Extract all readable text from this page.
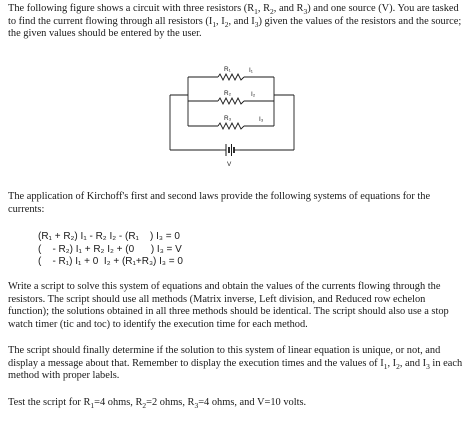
The following figure shows a circuit with three resistors ($R_1$, $R_2$, and $R_3$) and one source (V). You are tasked to find the current flowing through all resistors ($I_1$, $I_2$, and $I_3$) given the values of the resistors and the source; the given values should be entered by the user.

R₁	I₁
R₂	I₂
R₃	I₃
V

The application of Kirchoff's first and second laws provide the following systems of equations for the currents:

(R₁ + R₂) I₁ - R₂ I₂ - (R₁    ) I₃ = 0
(    - R₂) I₁ + R₂ I₂ + (0      ) I₃ = V
(    - R₁) I₁ + 0  I₂ + (R₁+R₃) I₃ = 0

Write a script to solve this system of equations and obtain the values of the currents flowing through the resistors. The script should use all methods (Matrix inverse, Left division, and Reduced row echelon function); the solutions obtained in all three methods should be identical. The script should also use a stop watch timer (tic and toc) to identify the execution time for each method.

The script should finally determine if the solution to this system of linear equation is unique, or not, and display a message about that. Remember to display the execution times and the values of $I_1$, $I_2$, and $I_3$ in each method with proper labels.

Test the script for $R_1=4$ ohms, $R_2=2$ ohms, $R_3=4$ ohms, and V=10 volts.
